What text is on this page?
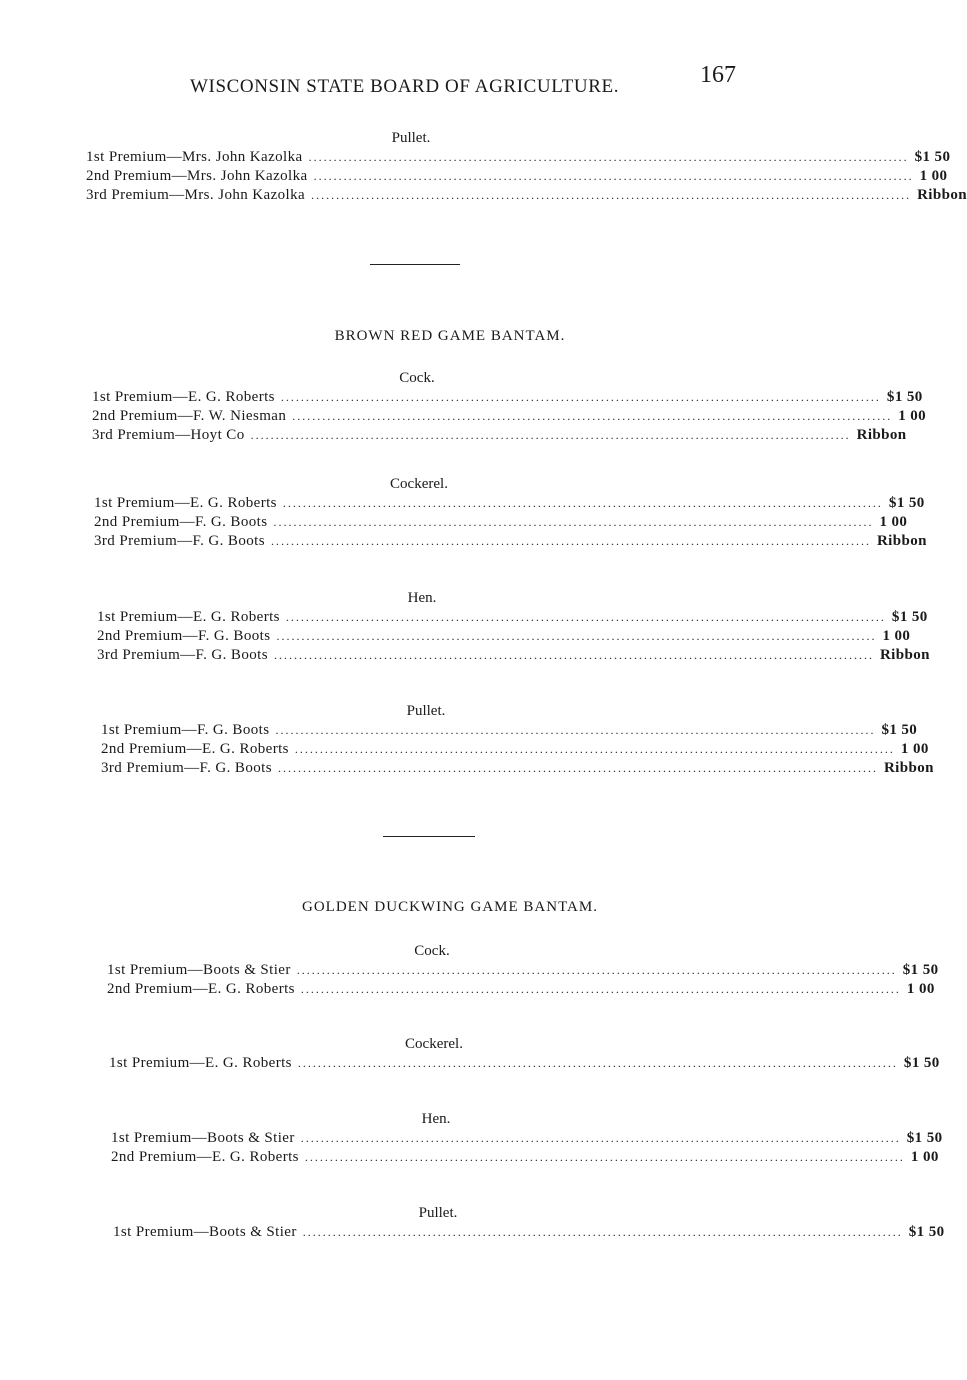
WISCONSIN STATE BOARD OF AGRICULTURE.	167
Pullet.
1st Premium—Mrs. John Kazolka ........................................................................................................................ $1 50
2nd Premium—Mrs. John Kazolka ........................................................................................................................ 1 00
3rd Premium—Mrs. John Kazolka ........................................................................................................................ Ribbon
BROWN RED GAME BANTAM.
Cock.
1st Premium—E. G. Roberts ........................................................................................................................ $1 50
2nd Premium—F. W. Niesman ........................................................................................................................ 1 00
3rd Premium—Hoyt Co ........................................................................................................................ Ribbon
Cockerel.
1st Premium—E. G. Roberts ........................................................................................................................ $1 50
2nd Premium—F. G. Boots ........................................................................................................................ 1 00
3rd Premium—F. G. Boots ........................................................................................................................ Ribbon
Hen.
1st Premium—E. G. Roberts ........................................................................................................................ $1 50
2nd Premium—F. G. Boots ........................................................................................................................ 1 00
3rd Premium—F. G. Boots ........................................................................................................................ Ribbon
Pullet.
1st Premium—F. G. Boots ........................................................................................................................ $1 50
2nd Premium—E. G. Roberts ........................................................................................................................ 1 00
3rd Premium—F. G. Boots ........................................................................................................................ Ribbon
GOLDEN DUCKWING GAME BANTAM.
Cock.
1st Premium—Boots & Stier ........................................................................................................................ $1 50
2nd Premium—E. G. Roberts ........................................................................................................................ 1 00
Cockerel.
1st Premium—E. G. Roberts ........................................................................................................................ $1 50
Hen.
1st Premium—Boots & Stier ........................................................................................................................ $1 50
2nd Premium—E. G. Roberts ........................................................................................................................ 1 00
Pullet.
1st Premium—Boots & Stier ........................................................................................................................ $1 50
